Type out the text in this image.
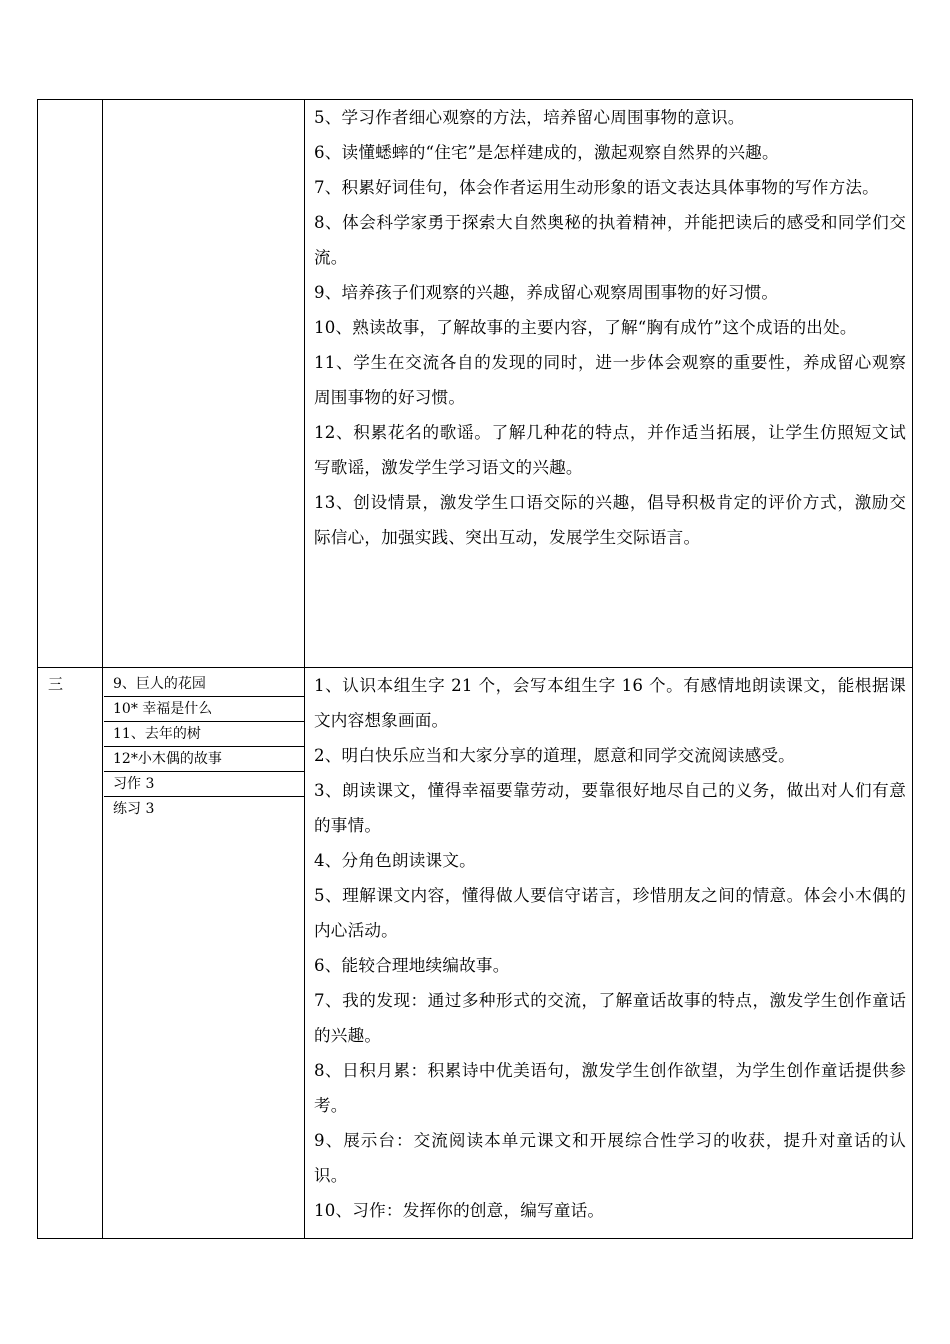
5、学习作者细心观察的方法，培养留心周围事物的意识。
6、读懂蟋蟀的“住宅”是怎样建成的，激起观察自然界的兴趣。
7、积累好词佳句，体会作者运用生动形象的语文表达具体事物的写作方法。
8、体会科学家勇于探索大自然奥秘的执着精神，并能把读后的感受和同学们交流。
9、培养孩子们观察的兴趣，养成留心观察周围事物的好习惯。
10、熟读故事，了解故事的主要内容，了解“胸有成竹”这个成语的出处。
11、学生在交流各自的发现的同时，进一步体会观察的重要性，养成留心观察周围事物的好习惯。
12、积累花名的歌谣。了解几种花的特点，并作适当拓展，让学生仿照短文试写歌谣，激发学生学习语文的兴趣。
13、创设情景，激发学生口语交际的兴趣，倡导积极肯定的评价方式，激励交际信心，加强实践、突出互动，发展学生交际语言。
三	9、巨人的花园
10* 幸福是什么
11、去年的树
12*小木偶的故事
习作 3
练习 3
1、认识本组生字 21 个，会写本组生字 16 个。有感情地朗读课文，能根据课文内容想象画面。
2、明白快乐应当和大家分享的道理，愿意和同学交流阅读感受。
3、朗读课文，懂得幸福要靠劳动，要靠很好地尽自己的义务，做出对人们有意的事情。
4、分角色朗读课文。
5、理解课文内容，懂得做人要信守诺言，珍惜朋友之间的情意。体会小木偶的内心活动。
6、能较合理地续编故事。
7、我的发现：通过多种形式的交流，了解童话故事的特点，激发学生创作童话的兴趣。
8、日积月累：积累诗中优美语句，激发学生创作欲望，为学生创作童话提供参考。
9、展示台：交流阅读本单元课文和开展综合性学习的收获，提升对童话的认识。
10、习作：发挥你的创意，编写童话。
